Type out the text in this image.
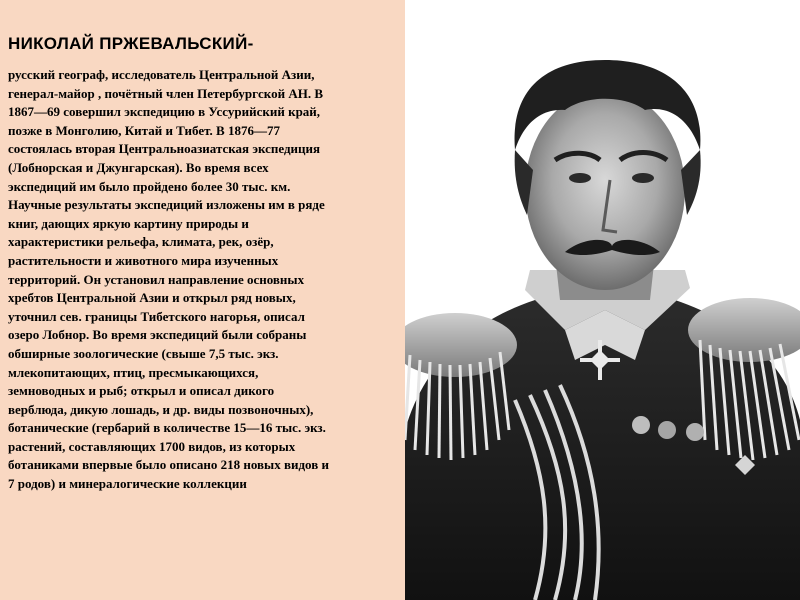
НИКОЛАЙ ПРЖЕВАЛЬСКИЙ-
русский географ, исследователь Центральной Азии,
генерал-майор , почётный член Петербургской АН. В
1867—69 совершил экспедицию в Уссурийский край,
позже в Монголию, Китай и Тибет. В 1876—77
состоялась вторая Центральноазиатская экспедиция
(Лобнорская и Джунгарская). Во время всех
экспедиций им было пройдено более 30 тыс. км.
Научные результаты экспедиций изложены им в ряде
книг, дающих яркую картину природы и
характеристики рельефа, климата, рек, озёр,
растительности и животного мира изученных
территорий. Он установил направление основных
хребтов Центральной Азии и открыл ряд новых,
уточнил сев. границы Тибетского нагорья, описал
озеро Лобнор. Во время экспедиций были собраны
обширные зоологические (свыше 7,5 тыс. экз.
млекопитающих, птиц, пресмыкающихся,
земноводных и рыб; открыл и описал дикого
верблюда, дикую лошадь, и др. виды позвоночных),
ботанические (гербарий в количестве 15—16 тыс. экз.
растений, составляющих 1700 видов, из которых
ботаниками впервые было описано 218 новых видов и
7 родов) и минералогические коллекции
